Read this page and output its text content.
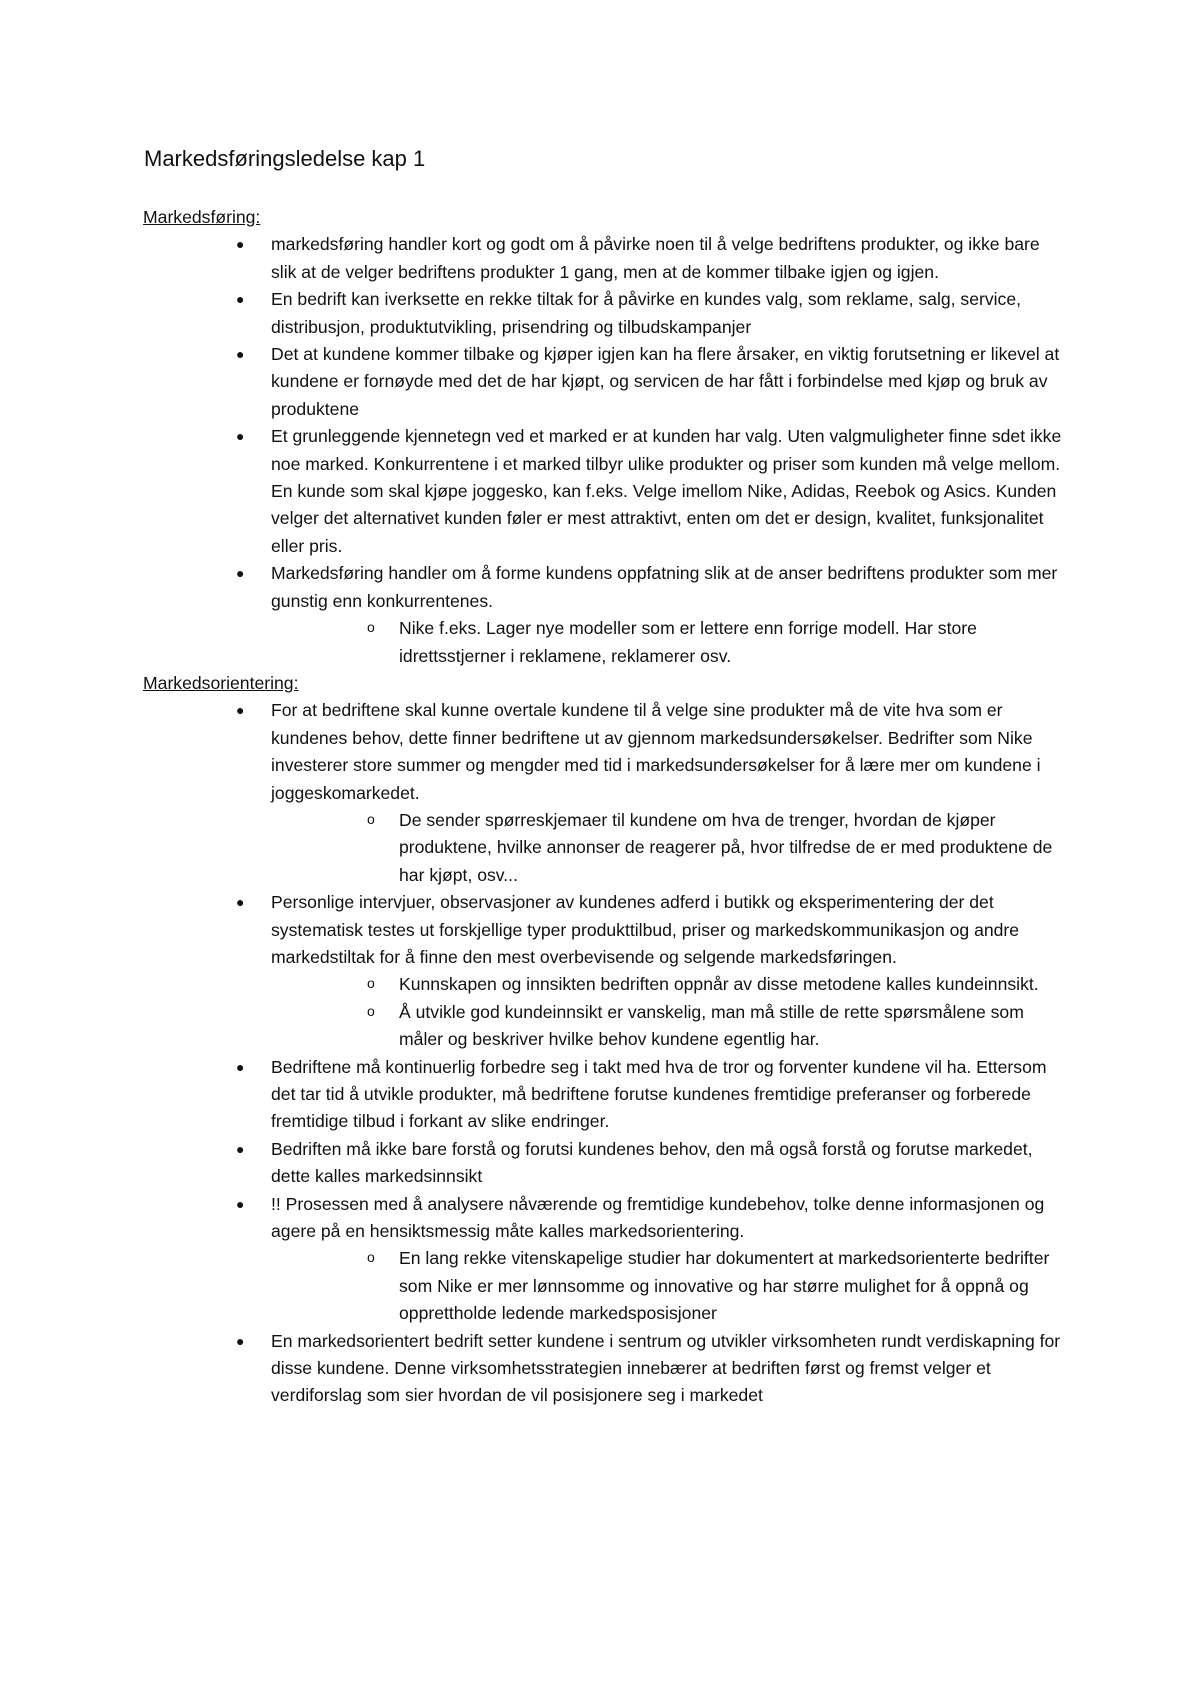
Markedsføringsledelse kap 1
Markedsføring:
● markedsføring handler kort og godt om å påvirke noen til å velge bedriftens produkter, og ikke bare slik at de velger bedriftens produkter 1 gang, men at de kommer tilbake igjen og igjen.
● En bedrift kan iverksette en rekke tiltak for å påvirke en kundes valg, som reklame, salg, service, distribusjon, produktutvikling, prisendring og tilbudskampanjer
● Det at kundene kommer tilbake og kjøper igjen kan ha flere årsaker, en viktig forutsetning er likevel at kundene er fornøyde med det de har kjøpt, og servicen de har fått i forbindelse med kjøp og bruk av produktene
● Et grunleggende kjennetegn ved et marked er at kunden har valg. Uten valgmuligheter finne sdet ikke noe marked. Konkurrentene i et marked tilbyr ulike produkter og priser som kunden må velge mellom. En kunde som skal kjøpe joggesko, kan f.eks. Velge imellom Nike, Adidas, Reebok og Asics. Kunden velger det alternativet kunden føler er mest attraktivt, enten om det er design, kvalitet, funksjonalitet eller pris.
● Markedsføring handler om å forme kundens oppfatning slik at de anser bedriftens produkter som mer gunstig enn konkurrentenes.
o Nike f.eks. Lager nye modeller som er lettere enn forrige modell. Har store idrettsstjerner i reklamene, reklamerer osv.
Markedsorientering:
● For at bedriftene skal kunne overtale kundene til å velge sine produkter må de vite hva som er kundenes behov, dette finner bedriftene ut av gjennom markedsundersøkelser. Bedrifter som Nike investerer store summer og mengder med tid i markedsundersøkelser for å lære mer om kundene i joggeskomarkedet.
o De sender spørreskjemaer til kundene om hva de trenger, hvordan de kjøper produktene, hvilke annonser de reagerer på, hvor tilfredse de er med produktene de har kjøpt, osv...
● Personlige intervjuer, observasjoner av kundenes adferd i butikk og eksperimentering der det systematisk testes ut forskjellige typer produkttilbud, priser og markedskommunikasjon og andre markedstiltak for å finne den mest overbevisende og selgende markedsføringen.
o Kunnskapen og innsikten bedriften oppnår av disse metodene kalles kundeinnsikt.
o Å utvikle god kundeinnsikt er vanskelig, man må stille de rette spørsmålene som måler og beskriver hvilke behov kundene egentlig har.
● Bedriftene må kontinuerlig forbedre seg i takt med hva de tror og forventer kundene vil ha. Ettersom det tar tid å utvikle produkter, må bedriftene forutse kundenes fremtidige preferanser og forberede fremtidige tilbud i forkant av slike endringer.
● Bedriften må ikke bare forstå og forutsi kundenes behov, den må også forstå og forutse markedet, dette kalles markedsinnsikt
● !! Prosessen med å analysere nåværende og fremtidige kundebehov, tolke denne informasjonen og agere på en hensiktsmessig måte kalles markedsorientering.
o En lang rekke vitenskapelige studier har dokumentert at markedsorienterte bedrifter som Nike er mer lønnsomme og innovative og har større mulighet for å oppnå og opprettholde ledende markedsposisjoner
● En markedsorientert bedrift setter kundene i sentrum og utvikler virksomheten rundt verdiskapning for disse kundene. Denne virksomhetsstrategien innebærer at bedriften først og fremst velger et verdiforslag som sier hvordan de vil posisjonere seg i markedet
